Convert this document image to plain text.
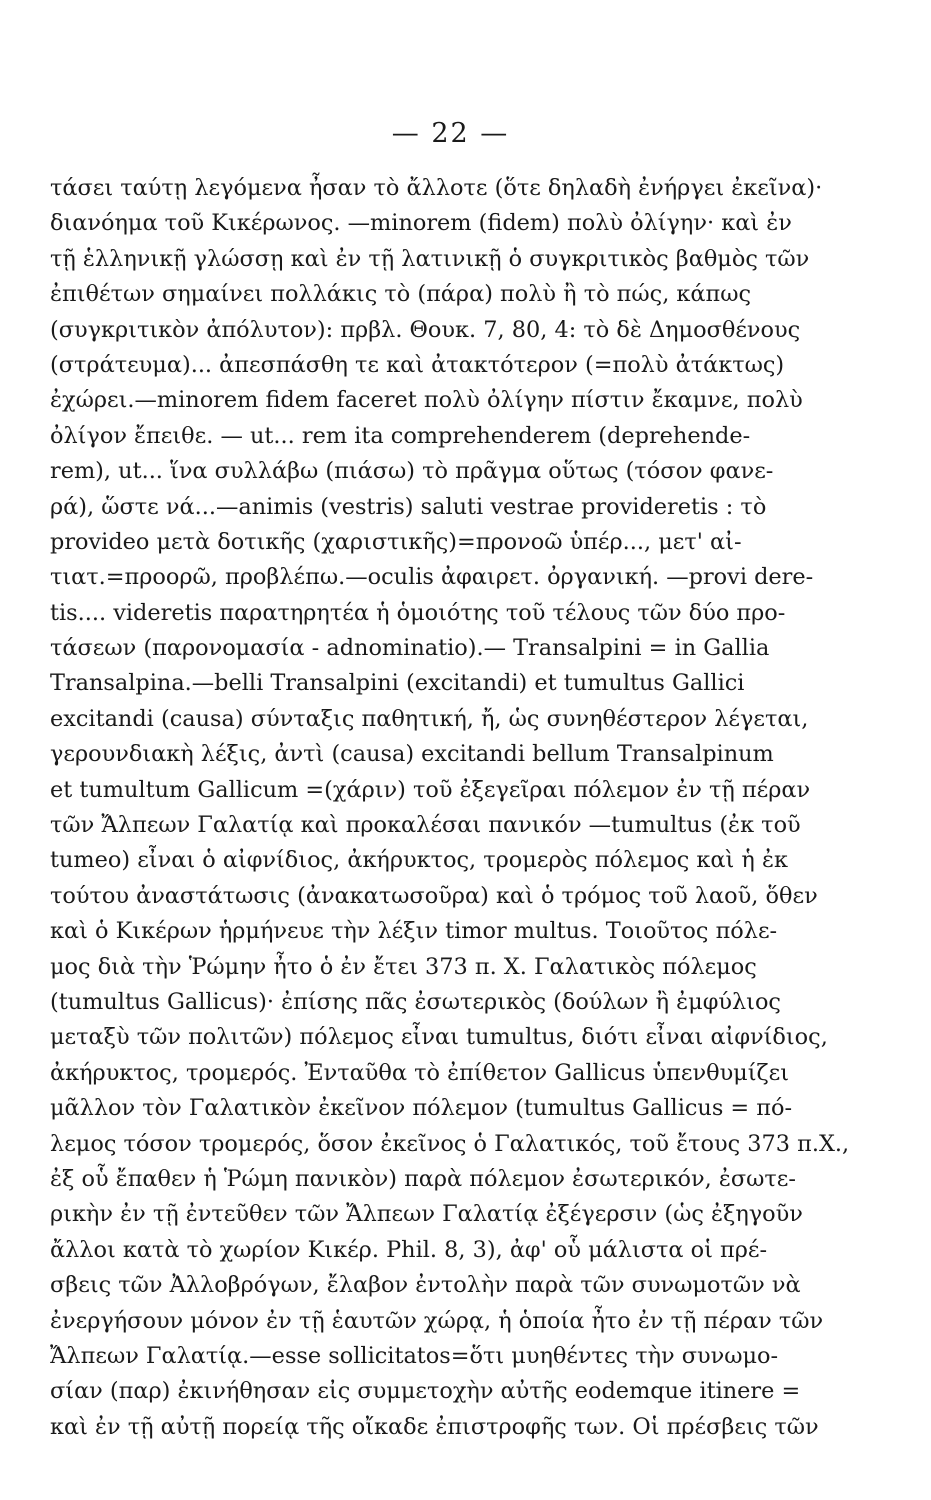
— 22 —
τάσει ταύτῃ λεγόμενα ἦσαν τὸ ἄλλοτε (ὅτε δηλαδὴ ἐνήργει ἐκεῖνα)·
διανόημα τοῦ Κικέρωνος. —minorem (fidem) πολὺ ὀλίγην· καὶ ἐν
τῇ ἑλληνικῇ γλώσσῃ καὶ ἐν τῇ λατινικῇ ὁ συγκριτικὸς βαθμὸς τῶν
ἐπιθέτων σημαίνει πολλάκις τὸ (πάρα) πολὺ ἢ τὸ πώς, κάπως
(συγκριτικὸν ἀπόλυτον): πρβλ. Θουκ. 7, 80, 4: τὸ δὲ Δημοσθένους
(στράτευμα)... ἀπεσπάσθη τε καὶ ἀτακτότερον (=πολὺ ἀτάκτως)
ἐχώρει.—minorem fidem faceret πολὺ ὀλίγην πίστιν ἔκαμνε, πολὺ
ὀλίγον ἔπειθε. — ut... rem ita comprehenderem (deprehende-
rem), ut... ἵνα συλλάβω (πιάσω) τὸ πρᾶγμα οὕτως (τόσον φανε-
ρά), ὥστε νά...—animis (vestris) saluti vestrae provideretis : τὸ
provideo μετὰ δοτικῆς (χαριστικῆς)=προνοῶ ὑπέρ..., μετ' αἰ-
τιατ.=προορῶ, προβλέπω.—oculis ἀφαιρετ. ὀργανική. —provi dere-
tis.... videretis παρατηρητέα ἡ ὁμοιότης τοῦ τέλους τῶν δύο προ-
τάσεων (παρονομασία - adnominatio).— Transalpini = in Gallia
Transalpina.—belli Transalpini (excitandi) et tumultus Gallici
excitandi (causa) σύνταξις παθητική, ἤ, ὡς συνηθέστερον λέγεται,
γερουνδιακὴ λέξις, ἀντὶ (causa) excitandi bellum Transalpinum
et tumultum Gallicum =(χάριν) τοῦ ἐξεγεῖραι πόλεμον ἐν τῇ πέραν
τῶν Ἄλπεων Γαλατίᾳ καὶ προκαλέσαι πανικόν —tumultus (ἐκ τοῦ
tumeo) εἶναι ὁ αἰφνίδιος, ἀκήρυκτος, τρομερὸς πόλεμος καὶ ἡ ἐκ
τούτου ἀναστάτωσις (ἀνακατωσοῦρα) καὶ ὁ τρόμος τοῦ λαοῦ, ὅθεν
καὶ ὁ Κικέρων ἡρμήνευε τὴν λέξιν timor multus. Τοιοῦτος πόλε-
μος διὰ τὴν Ῥώμην ἦτο ὁ ἐν ἔτει 373 π. Χ. Γαλατικὸς πόλεμος
(tumultus Gallicus)· ἐπίσης πᾶς ἐσωτερικὸς (δούλων ἢ ἐμφύλιος
μεταξὺ τῶν πολιτῶν) πόλεμος εἶναι tumultus, διότι εἶναι αἰφνίδιος,
ἀκήρυκτος, τρομερός. Ἐνταῦθα τὸ ἐπίθετον Gallicus ὑπενθυμίζει
μᾶλλον τὸν Γαλατικὸν ἐκεῖνον πόλεμον (tumultus Gallicus = πό-
λεμος τόσον τρομερός, ὅσον ἐκεῖνος ὁ Γαλατικός, τοῦ ἔτους 373 π.Χ.,
ἐξ οὗ ἔπαθεν ἡ Ῥώμη πανικὸν) παρὰ πόλεμον ἐσωτερικόν, ἐσωτε-
ρικὴν ἐν τῇ ἐντεῦθεν τῶν Ἄλπεων Γαλατίᾳ ἐξέγερσιν (ὡς ἐξηγοῦν
ἄλλοι κατὰ τὸ χωρίον Κικέρ. Phil. 8, 3), ἀφ' οὗ μάλιστα οἱ πρέ-
σβεις τῶν Ἀλλοβρόγων, ἔλαβον ἐντολὴν παρὰ τῶν συνωμοτῶν νὰ
ἐνεργήσουν μόνον ἐν τῇ ἑαυτῶν χώρᾳ, ἡ ὁποία ἦτο ἐν τῇ πέραν τῶν
Ἄλπεων Γαλατίᾳ.—esse sollicitatos=ὅτι μυηθέντες τὴν συνωμο-
σίαν (παρ) ἐκινήθησαν εἰς συμμετοχὴν αὐτῆς eodemque itinere =
καὶ ἐν τῇ αὐτῇ πορείᾳ τῆς οἴκαδε ἐπιστροφῆς των. Οἱ πρέσβεις τῶν
